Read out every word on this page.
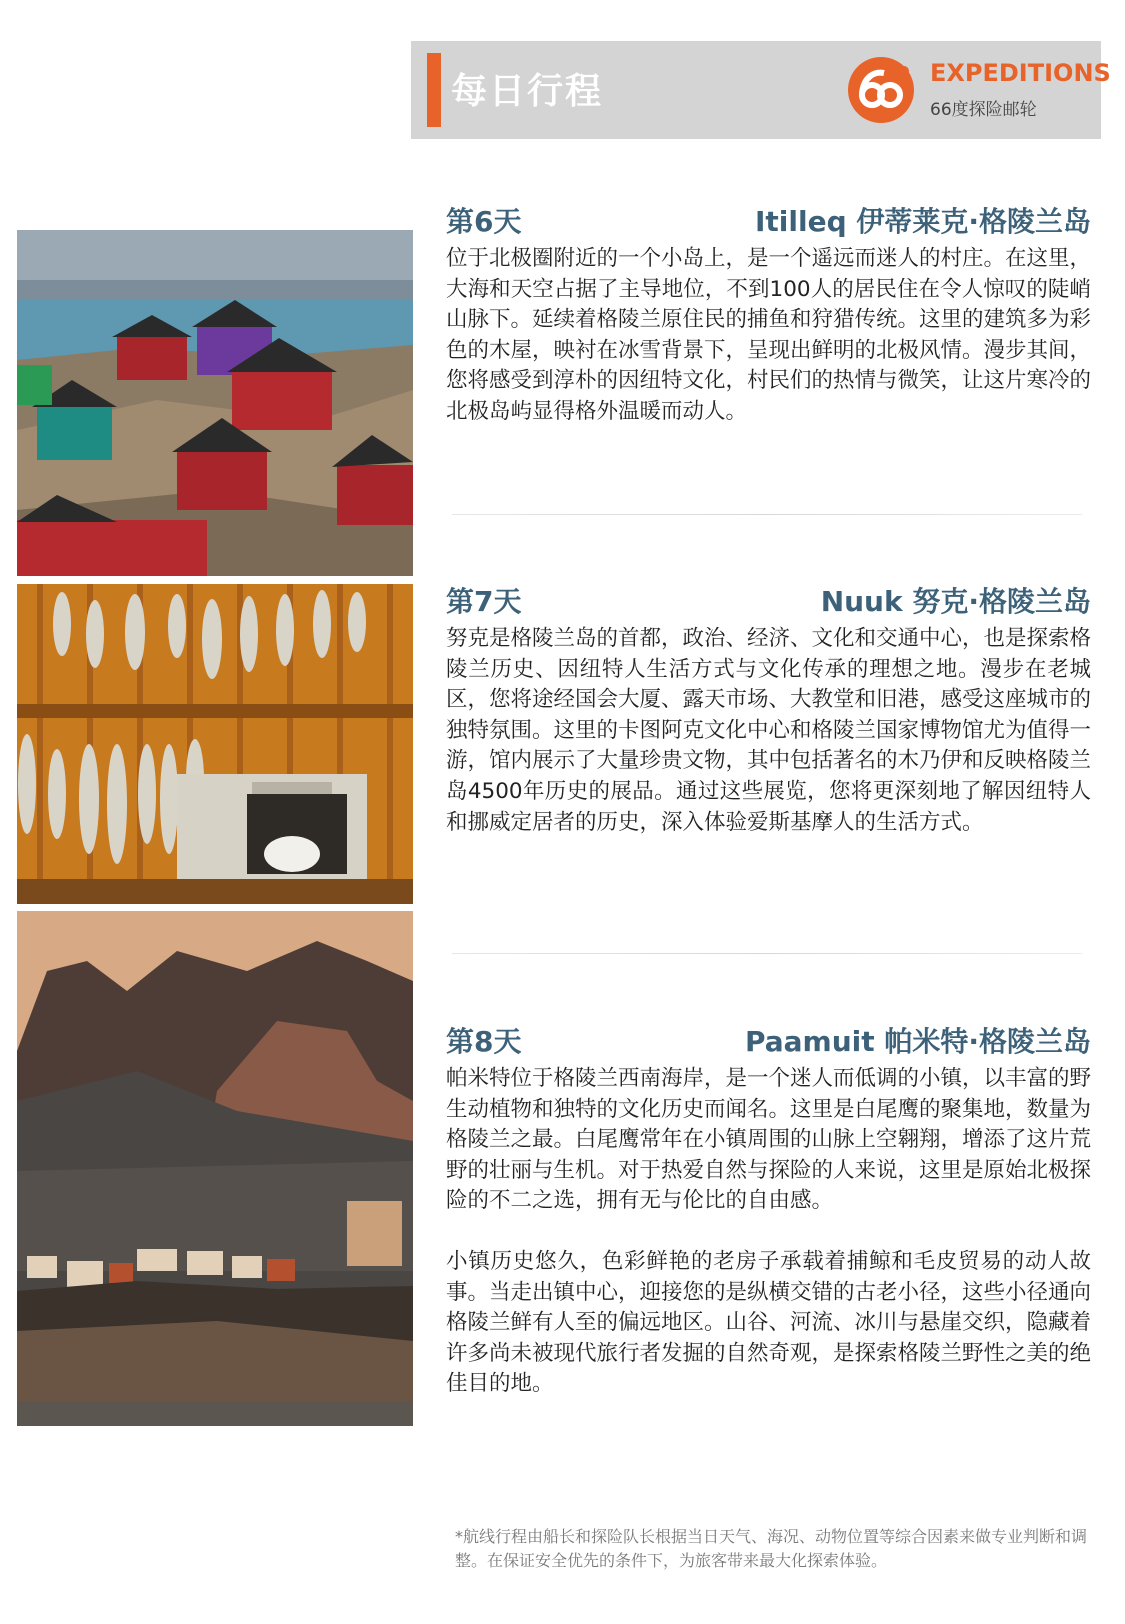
每日行程	EXPEDITIONS
66度探险邮轮
第6天	Itilleq 伊蒂莱克·格陵兰岛

位于北极圈附近的一个小岛上，是一个遥远而迷人的村庄。在这里，大海和天空占据了主导地位，不到100人的居民住在令人惊叹的陡峭山脉下。延续着格陵兰原住民的捕鱼和狩猎传统。这里的建筑多为彩色的木屋，映衬在冰雪背景下，呈现出鲜明的北极风情。漫步其间，您将感受到淳朴的因纽特文化，村民们的热情与微笑，让这片寒冷的北极岛屿显得格外温暖而动人。

第7天	Nuuk 努克·格陵兰岛

努克是格陵兰岛的首都，政治、经济、文化和交通中心，也是探索格陵兰历史、因纽特人生活方式与文化传承的理想之地。漫步在老城区，您将途经国会大厦、露天市场、大教堂和旧港，感受这座城市的独特氛围。这里的卡图阿克文化中心和格陵兰国家博物馆尤为值得一游，馆内展示了大量珍贵文物，其中包括著名的木乃伊和反映格陵兰岛4500年历史的展品。通过这些展览，您将更深刻地了解因纽特人和挪威定居者的历史，深入体验爱斯基摩人的生活方式。

第8天	Paamuit 帕米特·格陵兰岛

帕米特位于格陵兰西南海岸，是一个迷人而低调的小镇，以丰富的野生动植物和独特的文化历史而闻名。这里是白尾鹰的聚集地，数量为格陵兰之最。白尾鹰常年在小镇周围的山脉上空翱翔，增添了这片荒野的壮丽与生机。对于热爱自然与探险的人来说，这里是原始北极探险的不二之选，拥有无与伦比的自由感。

小镇历史悠久，色彩鲜艳的老房子承载着捕鲸和毛皮贸易的动人故事。当走出镇中心，迎接您的是纵横交错的古老小径，这些小径通向格陵兰鲜有人至的偏远地区。山谷、河流、冰川与悬崖交织，隐藏着许多尚未被现代旅行者发掘的自然奇观，是探索格陵兰野性之美的绝佳目的地。

*航线行程由船长和探险队长根据当日天气、海况、动物位置等综合因素来做专业判断和调整。在保证安全优先的条件下，为旅客带来最大化探索体验。
